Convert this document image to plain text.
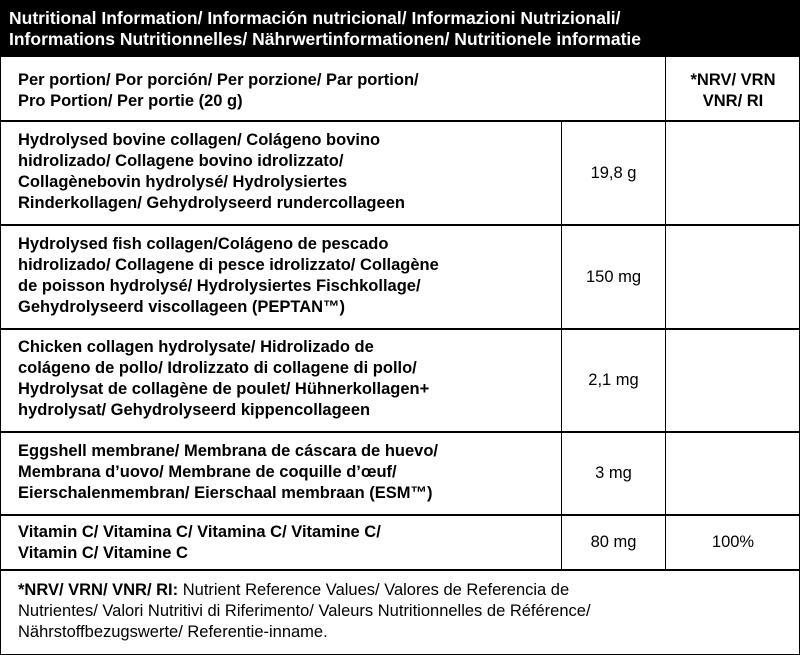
Nutritional Information/ Información nutricional/ Informazioni Nutrizionali/
Informations Nutritionnelles/ Nährwertinformationen/ Nutritionele informatie
Per portion/ Por porción/ Per porzione/ Par portion/
Pro Portion/ Per portie (20 g)
*NRV/ VRN
VNR/ RI
Hydrolysed bovine collagen/ Colágeno bovino
hidrolizado/ Collagene bovino idrolizzato/
Collagènebovin hydrolysé/ Hydrolysiertes
Rinderkollagen/ Gehydrolyseerd rundercollageen
19,8 g
Hydrolysed fish collagen/Colágeno de pescado
hidrolizado/ Collagene di pesce idrolizzato/ Collagène
de poisson hydrolysé/ Hydrolysiertes Fischkollage/
Gehydrolyseerd viscollageen (PEPTAN™)
150 mg
Chicken collagen hydrolysate/ Hidrolizado de
colágeno de pollo/ Idrolizzato di collagene di pollo/
Hydrolysat de collagène de poulet/ Hühnerkollagen+
hydrolysat/ Gehydrolyseerd kippencollageen
2,1 mg
Eggshell membrane/ Membrana de cáscara de huevo/
Membrana d’uovo/ Membrane de coquille d’œuf/
Eierschalenmembran/ Eierschaal membraan (ESM™)
3 mg
Vitamin C/ Vitamina C/ Vitamina C/ Vitamine C/
Vitamin C/ Vitamine C
80 mg	100%
*NRV/ VRN/ VNR/ RI: Nutrient Reference Values/ Valores de Referencia de
Nutrientes/ Valori Nutritivi di Riferimento/ Valeurs Nutritionnelles de Référence/
Nährstoffbezugswerte/ Referentie-inname.
